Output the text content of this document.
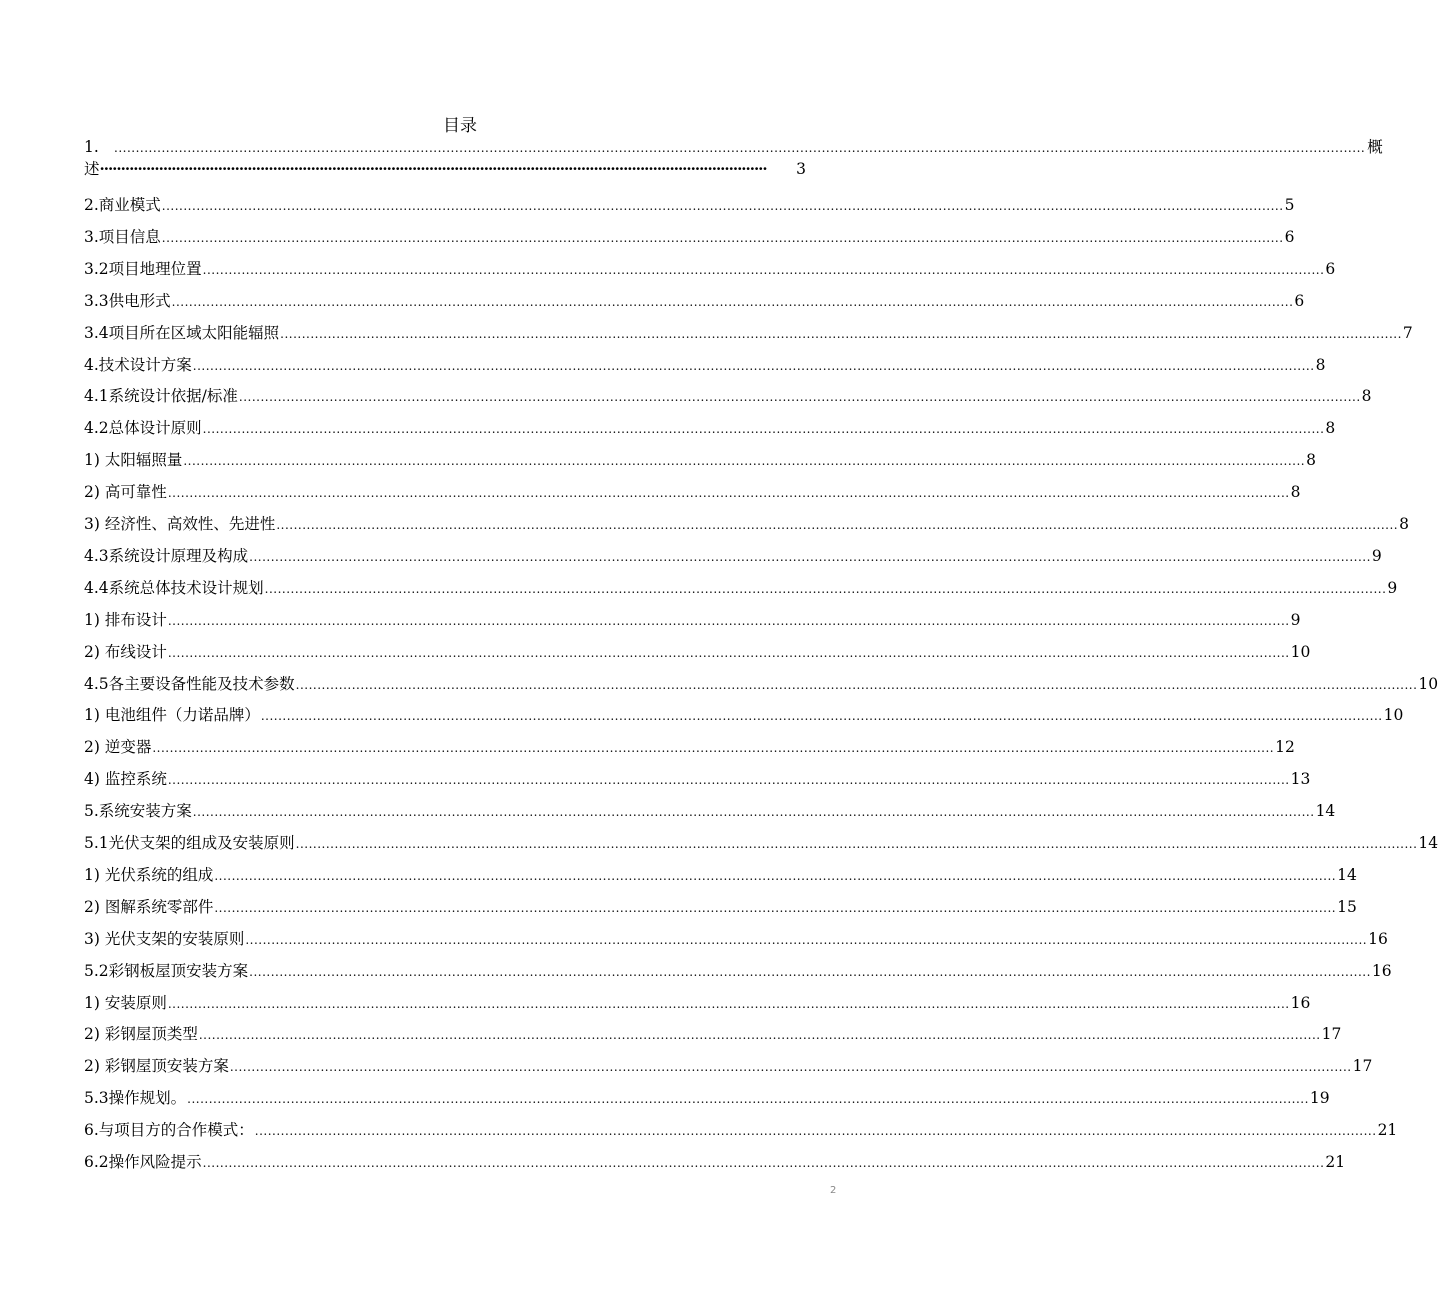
目录
1.	.................................................................................................................................................................................................................................................................................................. 概
述 ······························································································································································	3
2.商业模式 .................................................................................................................................................................................................................................................................... 5
3.项目信息 .................................................................................................................................................................................................................................................................... 6
3.2项目地理位置 .................................................................................................................................................................................................................................................................... 6
3.3供电形式 .................................................................................................................................................................................................................................................................... 6
3.4项目所在区域太阳能辐照 .................................................................................................................................................................................................................................................................... 7
4.技术设计方案 .................................................................................................................................................................................................................................................................... 8
4.1系统设计依据/标准 .................................................................................................................................................................................................................................................................... 8
4.2总体设计原则 .................................................................................................................................................................................................................................................................... 8
1) 太阳辐照量 .................................................................................................................................................................................................................................................................... 8
2) 高可靠性 .................................................................................................................................................................................................................................................................... 8
3) 经济性、高效性、先进性 .................................................................................................................................................................................................................................................................... 8
4.3系统设计原理及构成 .................................................................................................................................................................................................................................................................... 9
4.4系统总体技术设计规划 .................................................................................................................................................................................................................................................................... 9
1) 排布设计 .................................................................................................................................................................................................................................................................... 9
2) 布线设计 .................................................................................................................................................................................................................................................................... 10
4.5各主要设备性能及技术参数 .................................................................................................................................................................................................................................................................... 10
1) 电池组件（力诺品牌） .................................................................................................................................................................................................................................................................... 10
2) 逆变器 .................................................................................................................................................................................................................................................................... 12
4) 监控系统 .................................................................................................................................................................................................................................................................... 13
5.系统安装方案 .................................................................................................................................................................................................................................................................... 14
5.1光伏支架的组成及安装原则 .................................................................................................................................................................................................................................................................... 14
1) 光伏系统的组成 .................................................................................................................................................................................................................................................................... 14
2) 图解系统零部件 .................................................................................................................................................................................................................................................................... 15
3) 光伏支架的安装原则 .................................................................................................................................................................................................................................................................... 16
5.2彩钢板屋顶安装方案 .................................................................................................................................................................................................................................................................... 16
1) 安装原则 .................................................................................................................................................................................................................................................................... 16
2) 彩钢屋顶类型 .................................................................................................................................................................................................................................................................... 17
2) 彩钢屋顶安装方案 .................................................................................................................................................................................................................................................................... 17
5.3操作规划。 .................................................................................................................................................................................................................................................................... 19
6.与项目方的合作模式： .................................................................................................................................................................................................................................................................... 21
6.2操作风险提示 .................................................................................................................................................................................................................................................................... 21
2
